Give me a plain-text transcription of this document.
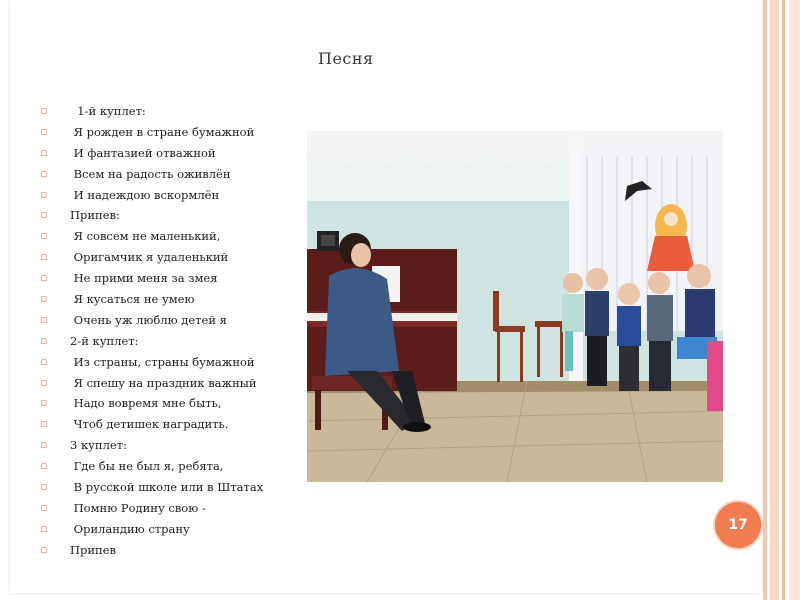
Песня
▫	1-й куплет:
▫	Я рожден в стране бумажной
▫	И фантазией отважной
▫	Всем на радость оживлён
▫	И надеждою вскормлён
▫	Припев:
▫	Я совсем не маленький,
▫	Оригамчик я удаленький
▫	Не прими меня за змея
▫	Я кусаться не умею
▫	Очень уж люблю детей я
▫	2-й куплет:
▫	Из страны, страны бумажной
▫	Я спешу на праздник важный
▫	Надо вовремя мне быть,
▫	Чтоб детишек наградить.
▫	3 куплет:
▫	Где бы не был я, ребята,
▫	В русской школе или в Штатах
▫	Помню Родину свою -
▫	Ориландию страну
▫	Припев
17
